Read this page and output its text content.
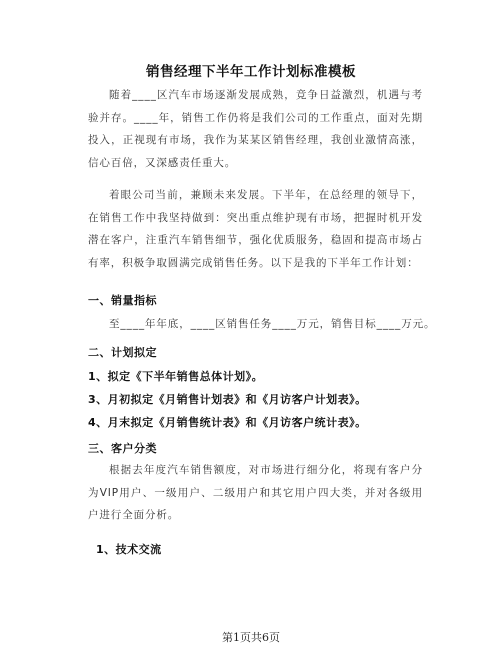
销售经理下半年工作计划标准模板

随着____区汽车市场逐渐发展成熟，竞争日益激烈，机遇与考验并存。____年，销售工作仍将是我们公司的工作重点，面对先期投入，正视现有市场，我作为某某区销售经理，我创业激情高涨，信心百倍，又深感责任重大。

着眼公司当前，兼顾未来发展。下半年，在总经理的领导下，在销售工作中我坚持做到：突出重点维护现有市场，把握时机开发潜在客户，注重汽车销售细节，强化优质服务，稳固和提高市场占有率，积极争取圆满完成销售任务。以下是我的下半年工作计划：

一、销量指标

至____年年底，____区销售任务____万元，销售目标____万元。

二、计划拟定
1、拟定《下半年销售总体计划》。
3、月初拟定《月销售计划表》和《月访客户计划表》。
4、月末拟定《月销售统计表》和《月访客户统计表》。
三、客户分类

根据去年度汽车销售额度，对市场进行细分化，将现有客户分为VIP用户、一级用户、二级用户和其它用户四大类，并对各级用户进行全面分析。

1、技术交流
第1页共6页
